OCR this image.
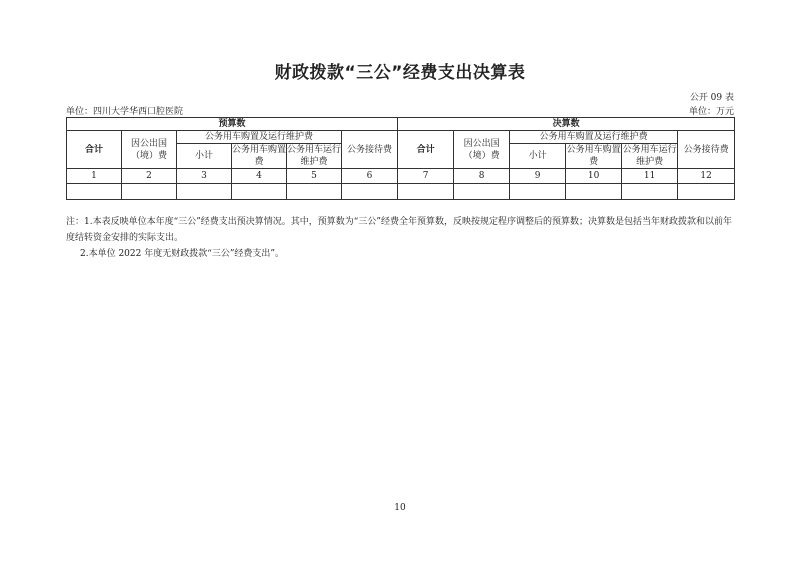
财政拨款“三公”经费支出决算表
公开 09 表
单位：四川大学华西口腔医院	单位：万元
预算数						决算数					
合计	因公出国（境）费	公务用车购置及运行维护费			公务接待费	合计	因公出国（境）费	公务用车购置及运行维护费			公务接待费
		小计	公务用车购置费	公务用车运行维护费				小计	公务用车购置费	公务用车运行维护费	
1	2	3	4	5	6	7	8	9	10	11	12

注：1.本表反映单位本年度“三公”经费支出预决算情况。其中，预算数为“三公”经费全年预算数，反映按规定程序调整后的预算数；决算数是包括当年财政拨款和以前年度结转资金安排的实际支出。

2.本单位 2022 年度无财政拨款“三公”经费支出”。

10
